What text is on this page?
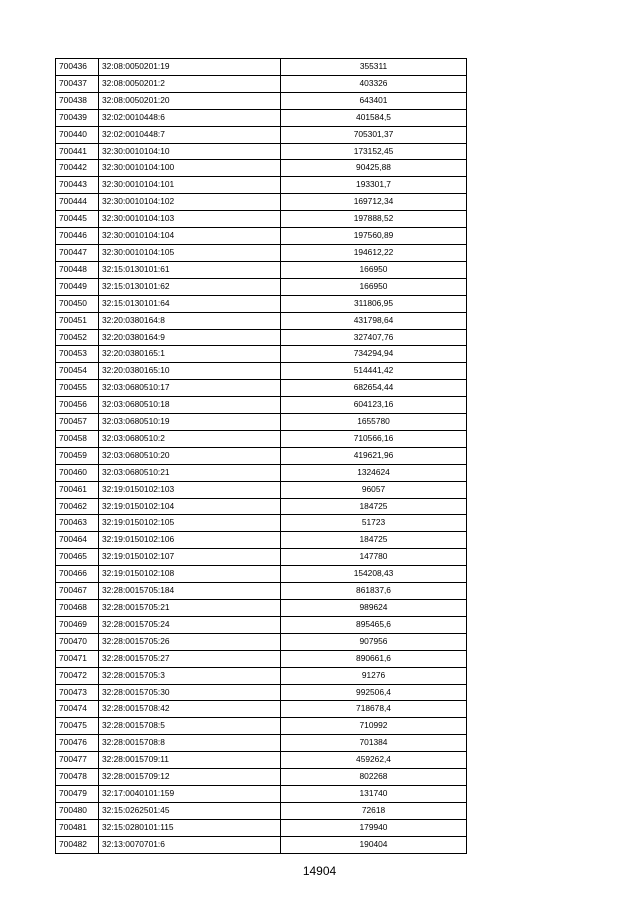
700436	32:08:0050201:19	355311
700437	32:08:0050201:2	403326
700438	32:08:0050201:20	643401
700439	32:02:0010448:6	401584,5
700440	32:02:0010448:7	705301,37
700441	32:30:0010104:10	173152,45
700442	32:30:0010104:100	90425,88
700443	32:30:0010104:101	193301,7
700444	32:30:0010104:102	169712,34
700445	32:30:0010104:103	197888,52
700446	32:30:0010104:104	197560,89
700447	32:30:0010104:105	194612,22
700448	32:15:0130101:61	166950
700449	32:15:0130101:62	166950
700450	32:15:0130101:64	311806,95
700451	32:20:0380164:8	431798,64
700452	32:20:0380164:9	327407,76
700453	32:20:0380165:1	734294,94
700454	32:20:0380165:10	514441,42
700455	32:03:0680510:17	682654,44
700456	32:03:0680510:18	604123,16
700457	32:03:0680510:19	1655780
700458	32:03:0680510:2	710566,16
700459	32:03:0680510:20	419621,96
700460	32:03:0680510:21	1324624
700461	32:19:0150102:103	96057
700462	32:19:0150102:104	184725
700463	32:19:0150102:105	51723
700464	32:19:0150102:106	184725
700465	32:19:0150102:107	147780
700466	32:19:0150102:108	154208,43
700467	32:28:0015705:184	861837,6
700468	32:28:0015705:21	989624
700469	32:28:0015705:24	895465,6
700470	32:28:0015705:26	907956
700471	32:28:0015705:27	890661,6
700472	32:28:0015705:3	91276
700473	32:28:0015705:30	992506,4
700474	32:28:0015708:42	718678,4
700475	32:28:0015708:5	710992
700476	32:28:0015708:8	701384
700477	32:28:0015709:11	459262,4
700478	32:28:0015709:12	802268
700479	32:17:0040101:159	131740
700480	32:15:0262501:45	72618
700481	32:15:0280101:115	179940
700482	32:13:0070701:6	190404
14904
